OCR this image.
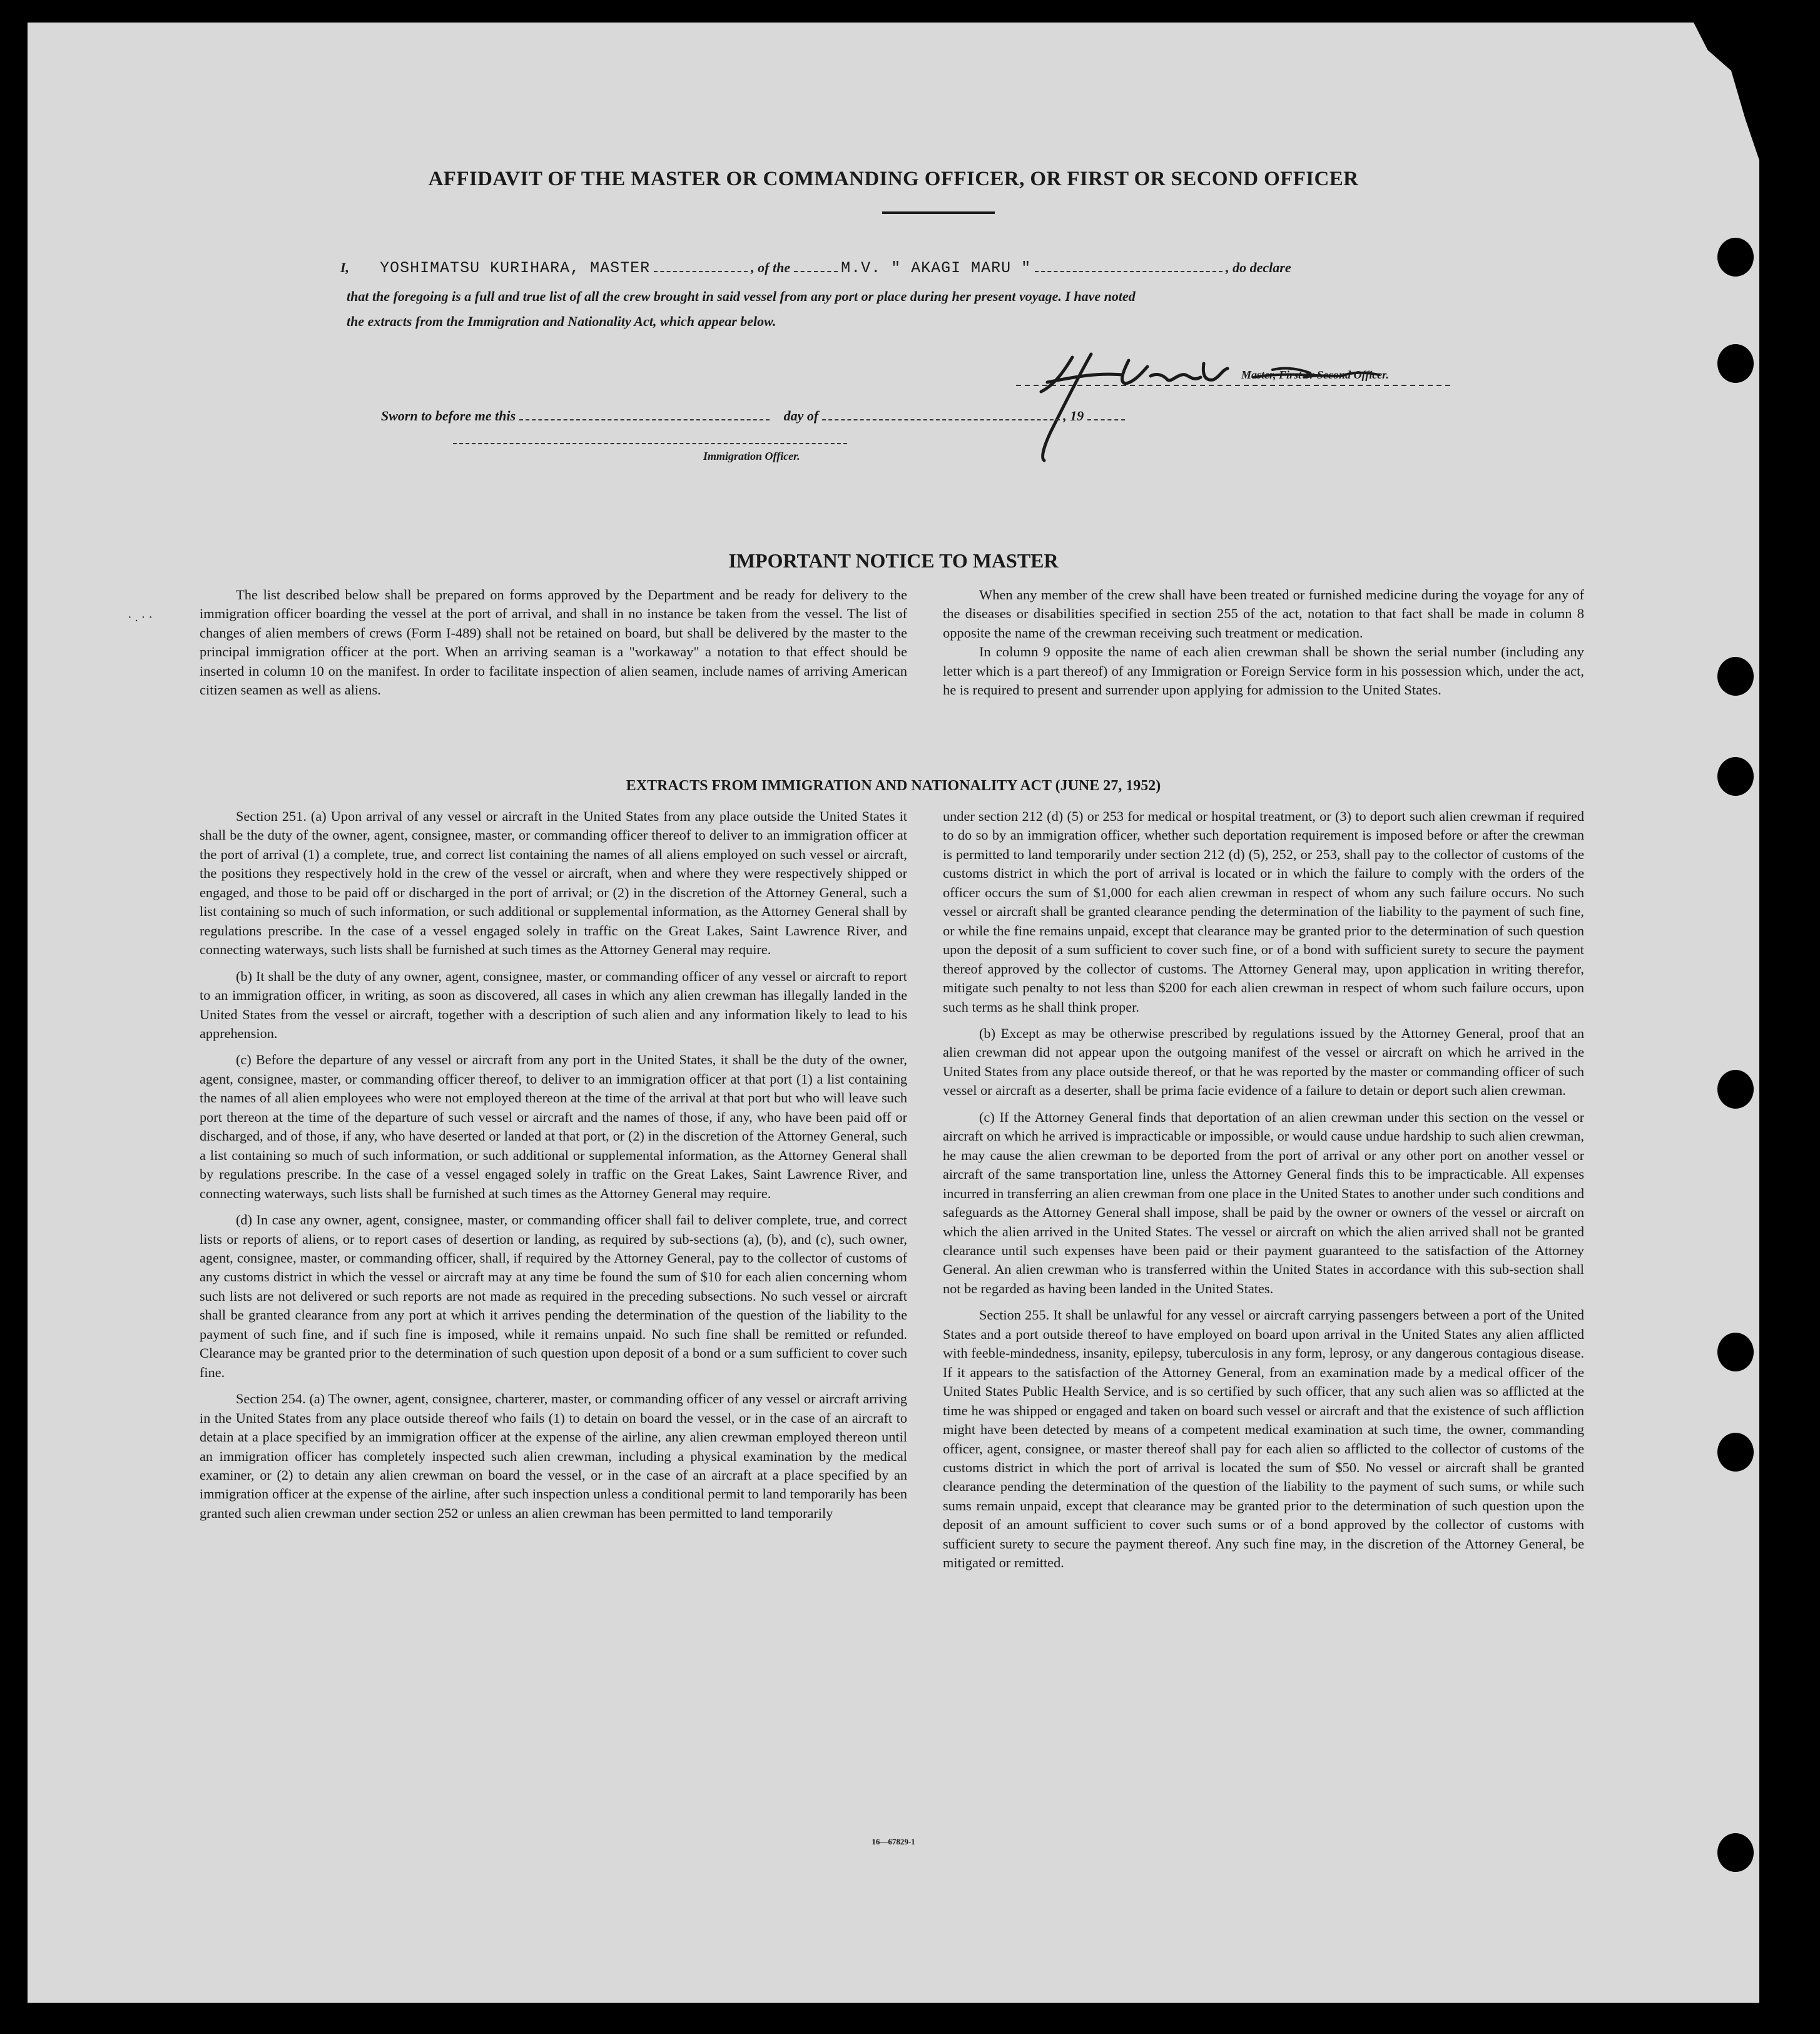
AFFIDAVIT OF THE MASTER OR COMMANDING OFFICER, OR FIRST OR SECOND OFFICER
I, YOSHIMATSU KURIHARA, MASTER	, of the	M.V. " AKAGI MARU "	, do declare
that the foregoing is a full and true list of all the crew brought in said vessel from any port or place during her present voyage. I have noted
the extracts from the Immigration and Nationality Act, which appear below.
Master, First or Second Officer.
Sworn to before me this	day of	, 19
Immigration Officer.
IMPORTANT NOTICE TO MASTER
· . · ·

The list described below shall be prepared on forms approved by the Department and be ready for delivery to the immigration officer boarding the vessel at the port of arrival, and shall in no instance be taken from the vessel. The list of changes of alien members of crews (Form I-489) shall not be retained on board, but shall be delivered by the master to the principal immigration officer at the port. When an arriving seaman is a "workaway" a notation to that effect should be inserted in column 10 on the manifest. In order to facilitate inspection of alien seamen, include names of arriving American citizen seamen as well as aliens.

When any member of the crew shall have been treated or furnished medicine during the voyage for any of the diseases or disabilities specified in section 255 of the act, notation to that fact shall be made in column 8 opposite the name of the crewman receiving such treatment or medication.

In column 9 opposite the name of each alien crewman shall be shown the serial number (including any letter which is a part thereof) of any Immigration or Foreign Service form in his possession which, under the act, he is required to present and surrender upon applying for admission to the United States.

EXTRACTS FROM IMMIGRATION AND NATIONALITY ACT (JUNE 27, 1952)

Section 251. (a) Upon arrival of any vessel or aircraft in the United States from any place outside the United States it shall be the duty of the owner, agent, consignee, master, or commanding officer thereof to deliver to an immigration officer at the port of arrival (1) a complete, true, and correct list containing the names of all aliens employed on such vessel or aircraft, the positions they respectively hold in the crew of the vessel or aircraft, when and where they were respectively shipped or engaged, and those to be paid off or discharged in the port of arrival; or (2) in the discretion of the Attorney General, such a list containing so much of such information, or such additional or supplemental information, as the Attorney General shall by regulations prescribe. In the case of a vessel engaged solely in traffic on the Great Lakes, Saint Lawrence River, and connecting waterways, such lists shall be furnished at such times as the Attorney General may require.

(b) It shall be the duty of any owner, agent, consignee, master, or commanding officer of any vessel or aircraft to report to an immigration officer, in writing, as soon as discovered, all cases in which any alien crewman has illegally landed in the United States from the vessel or aircraft, together with a description of such alien and any information likely to lead to his apprehension.

(c) Before the departure of any vessel or aircraft from any port in the United States, it shall be the duty of the owner, agent, consignee, master, or commanding officer thereof, to deliver to an immigration officer at that port (1) a list containing the names of all alien employees who were not employed thereon at the time of the arrival at that port but who will leave such port thereon at the time of the departure of such vessel or aircraft and the names of those, if any, who have been paid off or discharged, and of those, if any, who have deserted or landed at that port, or (2) in the discretion of the Attorney General, such a list containing so much of such information, or such additional or supplemental information, as the Attorney General shall by regulations prescribe. In the case of a vessel engaged solely in traffic on the Great Lakes, Saint Lawrence River, and connecting waterways, such lists shall be furnished at such times as the Attorney General may require.

(d) In case any owner, agent, consignee, master, or commanding officer shall fail to deliver complete, true, and correct lists or reports of aliens, or to report cases of desertion or landing, as required by sub-sections (a), (b), and (c), such owner, agent, consignee, master, or commanding officer, shall, if required by the Attorney General, pay to the collector of customs of any customs district in which the vessel or aircraft may at any time be found the sum of $10 for each alien concerning whom such lists are not delivered or such reports are not made as required in the preceding subsections. No such vessel or aircraft shall be granted clearance from any port at which it arrives pending the determination of the question of the liability to the payment of such fine, and if such fine is imposed, while it remains unpaid. No such fine shall be remitted or refunded. Clearance may be granted prior to the determination of such question upon deposit of a bond or a sum sufficient to cover such fine.

Section 254. (a) The owner, agent, consignee, charterer, master, or commanding officer of any vessel or aircraft arriving in the United States from any place outside thereof who fails (1) to detain on board the vessel, or in the case of an aircraft to detain at a place specified by an immigration officer at the expense of the airline, any alien crewman employed thereon until an immigration officer has completely inspected such alien crewman, including a physical examination by the medical examiner, or (2) to detain any alien crewman on board the vessel, or in the case of an aircraft at a place specified by an immigration officer at the expense of the airline, after such inspection unless a conditional permit to land temporarily has been granted such alien crewman under section 252 or unless an alien crewman has been permitted to land temporarily

under section 212 (d) (5) or 253 for medical or hospital treatment, or (3) to deport such alien crewman if required to do so by an immigration officer, whether such deportation requirement is imposed before or after the crewman is permitted to land temporarily under section 212 (d) (5), 252, or 253, shall pay to the collector of customs of the customs district in which the port of arrival is located or in which the failure to comply with the orders of the officer occurs the sum of $1,000 for each alien crewman in respect of whom any such failure occurs. No such vessel or aircraft shall be granted clearance pending the determination of the liability to the payment of such fine, or while the fine remains unpaid, except that clearance may be granted prior to the determination of such question upon the deposit of a sum sufficient to cover such fine, or of a bond with sufficient surety to secure the payment thereof approved by the collector of customs. The Attorney General may, upon application in writing therefor, mitigate such penalty to not less than $200 for each alien crewman in respect of whom such failure occurs, upon such terms as he shall think proper.

(b) Except as may be otherwise prescribed by regulations issued by the Attorney General, proof that an alien crewman did not appear upon the outgoing manifest of the vessel or aircraft on which he arrived in the United States from any place outside thereof, or that he was reported by the master or commanding officer of such vessel or aircraft as a deserter, shall be prima facie evidence of a failure to detain or deport such alien crewman.

(c) If the Attorney General finds that deportation of an alien crewman under this section on the vessel or aircraft on which he arrived is impracticable or impossible, or would cause undue hardship to such alien crewman, he may cause the alien crewman to be deported from the port of arrival or any other port on another vessel or aircraft of the same transportation line, unless the Attorney General finds this to be impracticable. All expenses incurred in transferring an alien crewman from one place in the United States to another under such conditions and safeguards as the Attorney General shall impose, shall be paid by the owner or owners of the vessel or aircraft on which the alien arrived in the United States. The vessel or aircraft on which the alien arrived shall not be granted clearance until such expenses have been paid or their payment guaranteed to the satisfaction of the Attorney General. An alien crewman who is transferred within the United States in accordance with this sub-section shall not be regarded as having been landed in the United States.

Section 255. It shall be unlawful for any vessel or aircraft carrying passengers between a port of the United States and a port outside thereof to have employed on board upon arrival in the United States any alien afflicted with feeble-mindedness, insanity, epilepsy, tuberculosis in any form, leprosy, or any dangerous contagious disease. If it appears to the satisfaction of the Attorney General, from an examination made by a medical officer of the United States Public Health Service, and is so certified by such officer, that any such alien was so afflicted at the time he was shipped or engaged and taken on board such vessel or aircraft and that the existence of such affliction might have been detected by means of a competent medical examination at such time, the owner, commanding officer, agent, consignee, or master thereof shall pay for each alien so afflicted to the collector of customs of the customs district in which the port of arrival is located the sum of $50. No vessel or aircraft shall be granted clearance pending the determination of the question of the liability to the payment of such sums, or while such sums remain unpaid, except that clearance may be granted prior to the determination of such question upon the deposit of an amount sufficient to cover such sums or of a bond approved by the collector of customs with sufficient surety to secure the payment thereof. Any such fine may, in the discretion of the Attorney General, be mitigated or remitted.

16—67829-1
